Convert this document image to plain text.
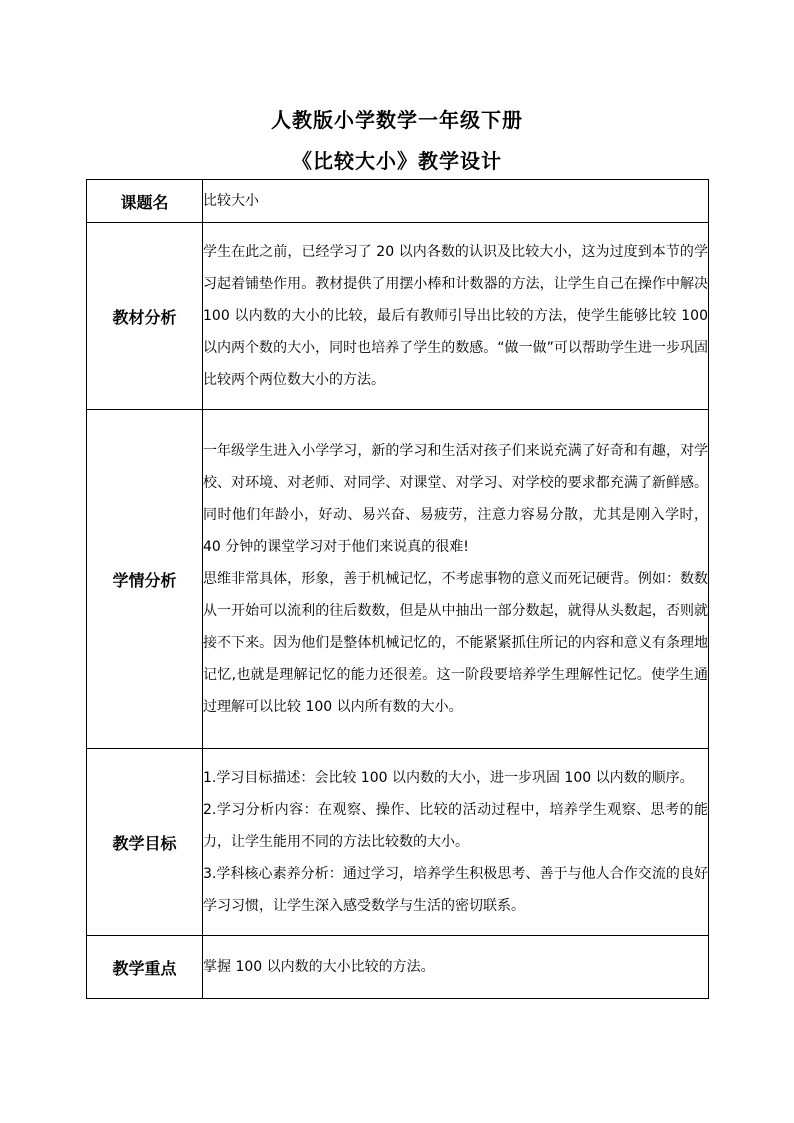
人教版小学数学一年级下册
《比较大小》教学设计
课题名	比较大小

教材分析	学生在此之前，已经学习了 20 以内各数的认识及比较大小，这为过度到本节的学习起着铺垫作用。教材提供了用摆小棒和计数器的方法，让学生自己在操作中解决 100 以内数的大小的比较，最后有教师引导出比较的方法，使学生能够比较 100 以内两个数的大小，同时也培养了学生的数感。“做一做”可以帮助学生进一步巩固比较两个两位数大小的方法。

学情分析	一年级学生进入小学学习，新的学习和生活对孩子们来说充满了好奇和有趣，对学校、对环境、对老师、对同学、对课堂、对学习、对学校的要求都充满了新鲜感。同时他们年龄小，好动、易兴奋、易疲劳，注意力容易分散，尤其是刚入学时，40 分钟的课堂学习对于他们来说真的很难!

思维非常具体，形象，善于机械记忆，不考虑事物的意义而死记硬背。例如：数数从一开始可以流利的往后数数，但是从中抽出一部分数起，就得从头数起，否则就接不下来。因为他们是整体机械记忆的，不能紧紧抓住所记的内容和意义有条理地记忆,也就是理解记忆的能力还很差。这一阶段要培养学生理解性记忆。使学生通过理解可以比较 100 以内所有数的大小。

教学目标	1.学习目标描述：会比较 100 以内数的大小，进一步巩固 100 以内数的顺序。

2.学习分析内容：在观察、操作、比较的活动过程中，培养学生观察、思考的能力，让学生能用不同的方法比较数的大小。

3.学科核心素养分析：通过学习，培养学生积极思考、善于与他人合作交流的良好学习习惯，让学生深入感受数学与生活的密切联系。

教学重点	掌握 100 以内数的大小比较的方法。
